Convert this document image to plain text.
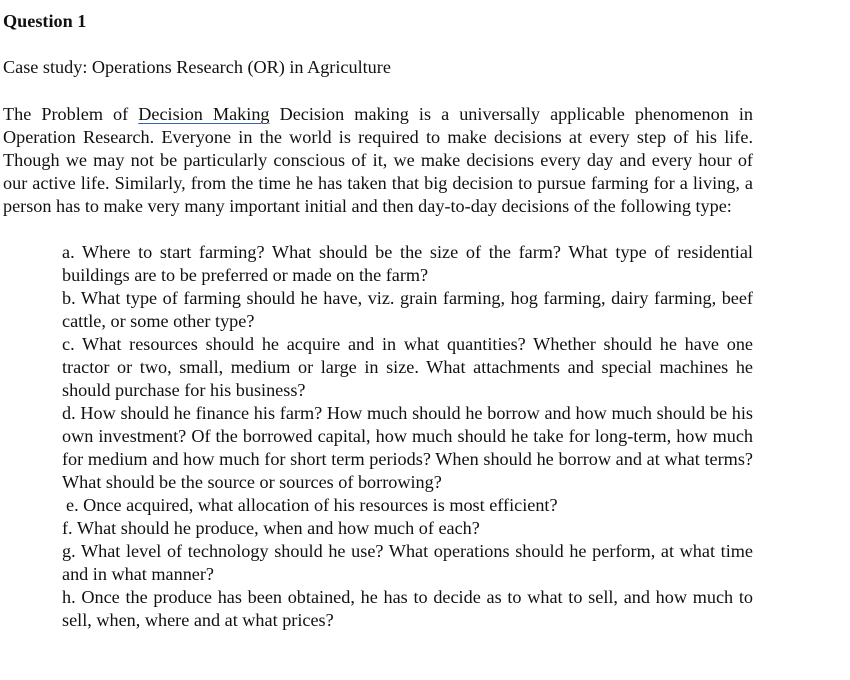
Question 1

Case study: Operations Research (OR) in Agriculture

The Problem of Decision Making Decision making is a universally applicable phenomenon in Operation Research. Everyone in the world is required to make decisions at every step of his life. Though we may not be particularly conscious of it, we make decisions every day and every hour of our active life. Similarly, from the time he has taken that big decision to pursue farming for a living, a person has to make very many important initial and then day-to-day decisions of the following type:

a. Where to start farming? What should be the size of the farm? What type of residential buildings are to be preferred or made on the farm?
b. What type of farming should he have, viz. grain farming, hog farming, dairy farming, beef cattle, or some other type?
c. What resources should he acquire and in what quantities? Whether should he have one tractor or two, small, medium or large in size. What attachments and special machines he should purchase for his business?
d. How should he finance his farm? How much should he borrow and how much should be his own investment? Of the borrowed capital, how much should he take for long-term, how much for medium and how much for short term periods? When should he borrow and at what terms? What should be the source or sources of borrowing?
e. Once acquired, what allocation of his resources is most efficient?
f. What should he produce, when and how much of each?
g. What level of technology should he use? What operations should he perform, at what time and in what manner?
h. Once the produce has been obtained, he has to decide as to what to sell, and how much to sell, when, where and at what prices?
